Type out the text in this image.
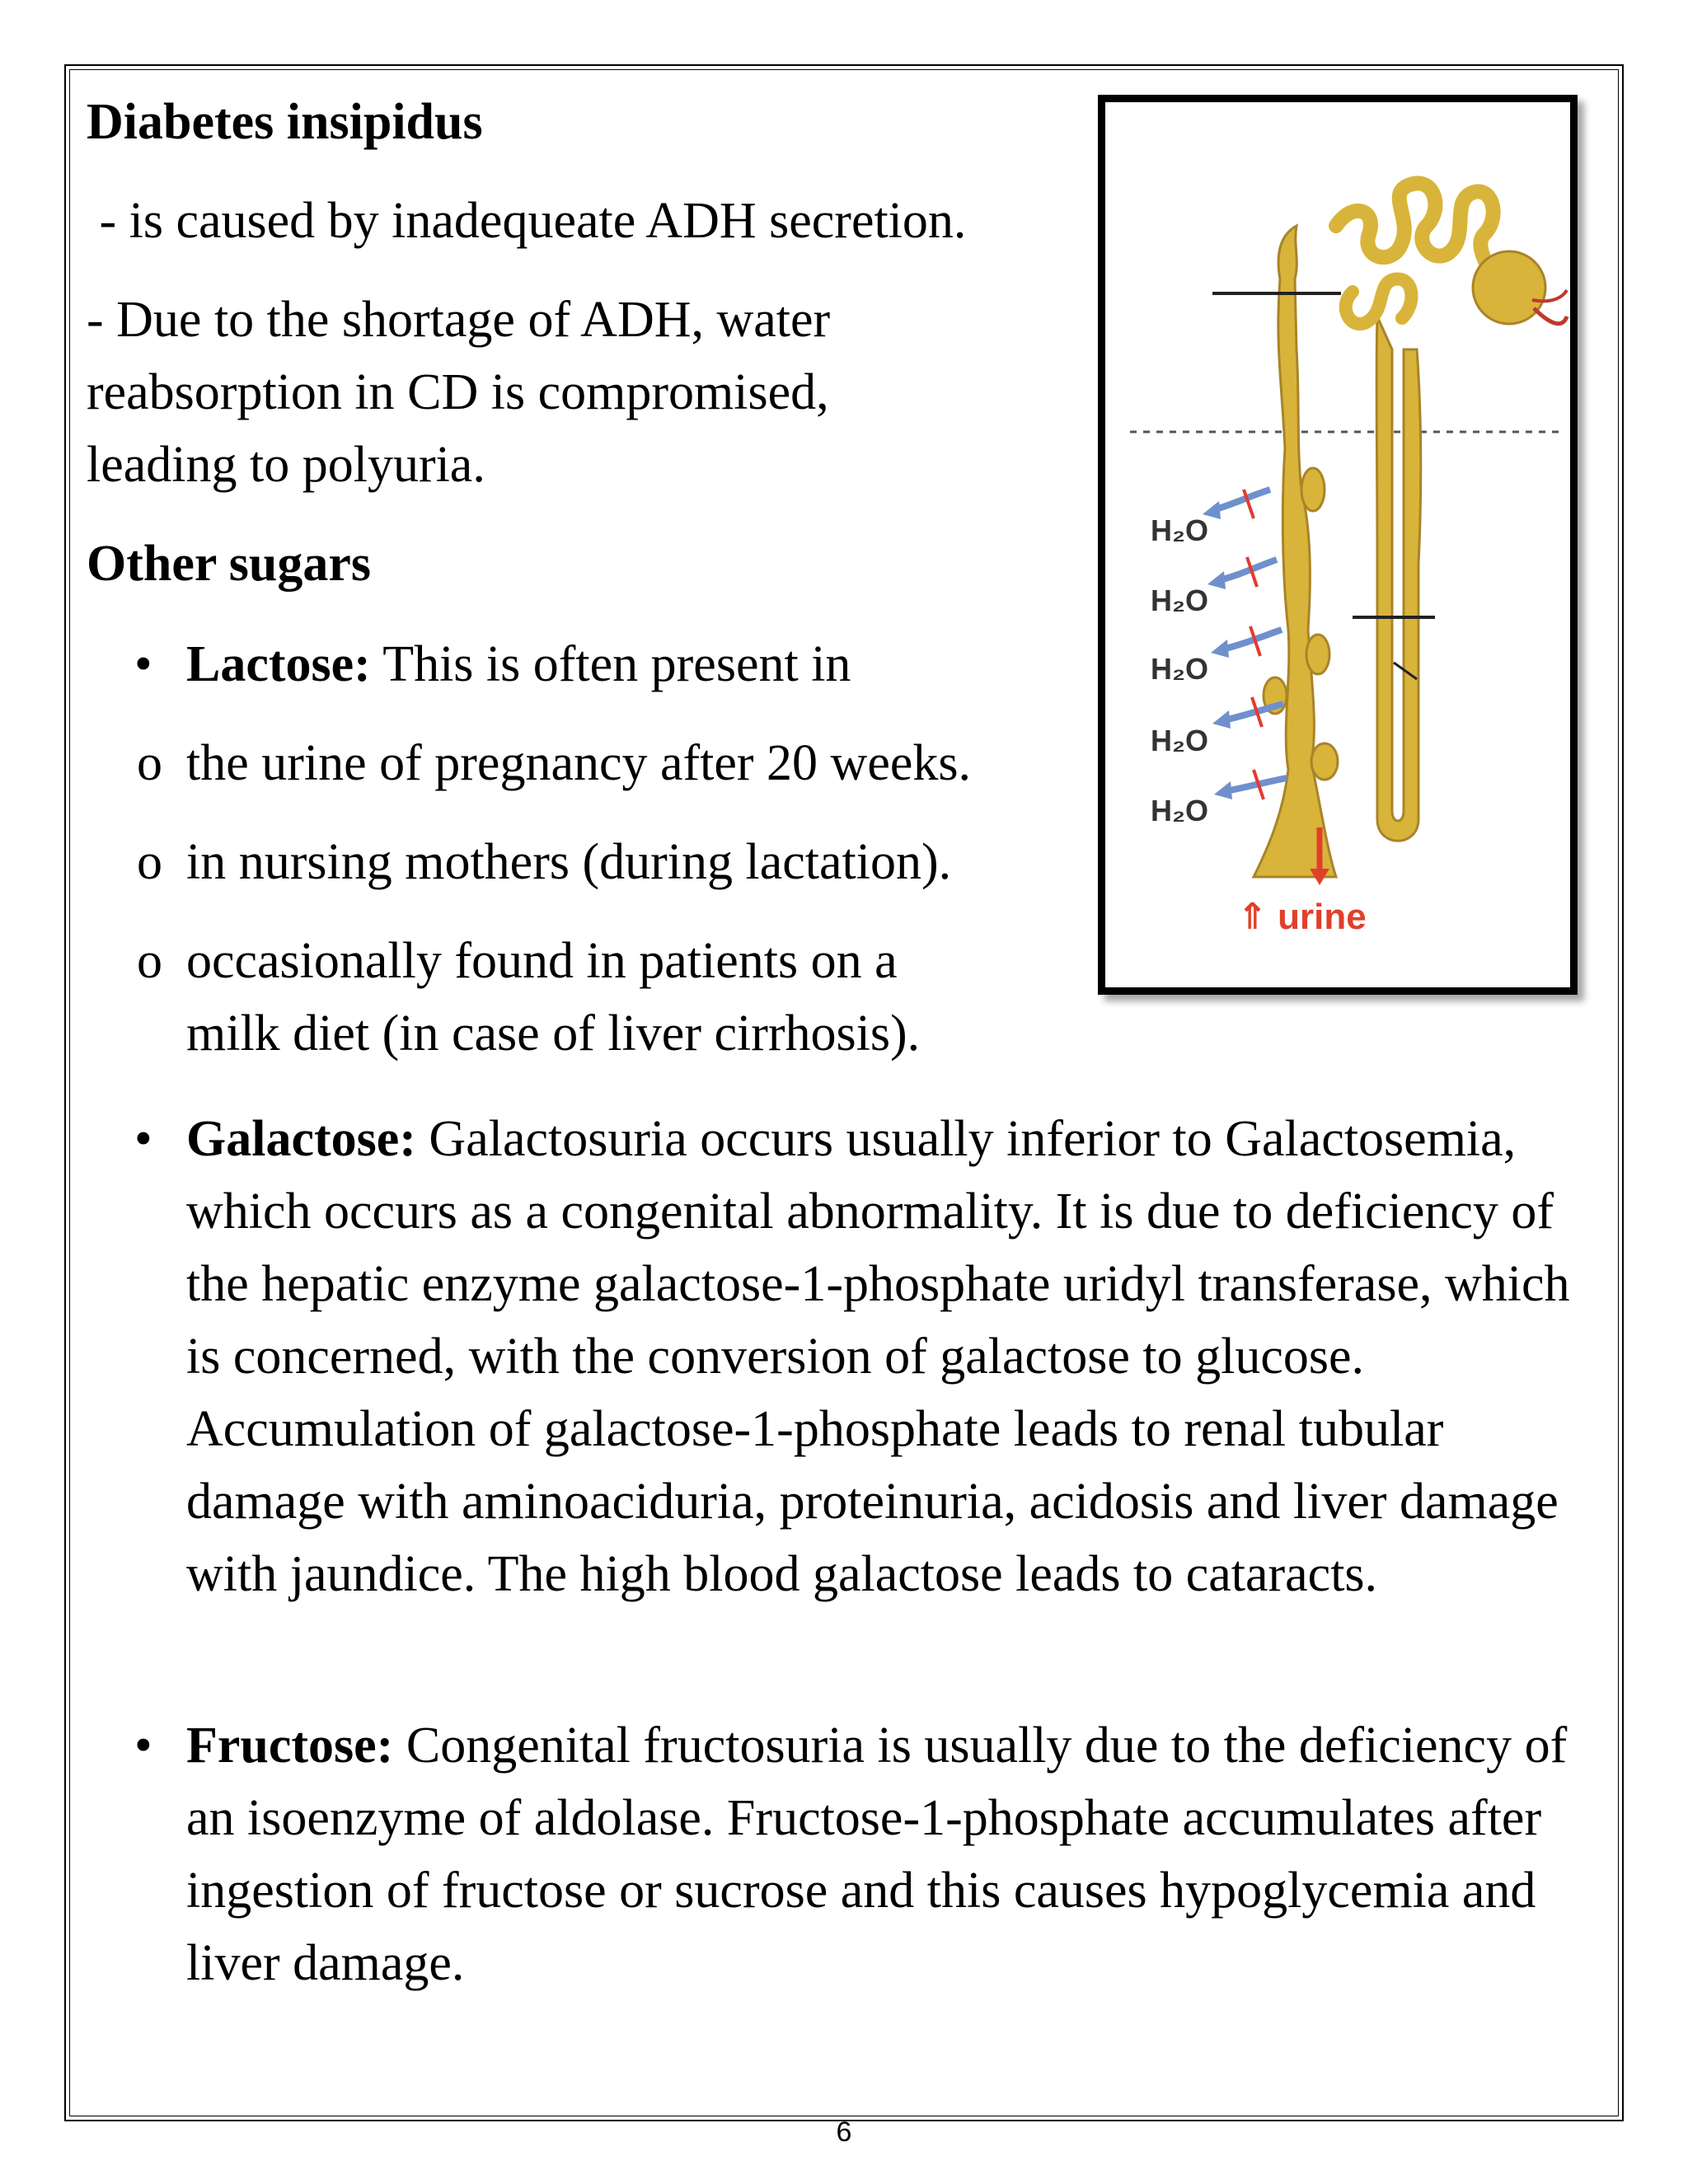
Diabetes insipidus
- is caused by inadequeate ADH secretion.
- Due to the shortage of ADH, water
reabsorption in CD is compromised,
leading to polyuria.
Other sugars
• Lactose: This is often present in
o the urine of pregnancy after 20 weeks.
o in nursing mothers (during lactation).
o occasionally found in patients on a
milk diet (in case of liver cirrhosis).
• Galactose: Galactosuria occurs usually inferior to Galactosemia, which occurs as a congenital abnormality. It is due to deficiency of the hepatic enzyme galactose-1-phosphate uridyl transferase, which is concerned, with the conversion of galactose to glucose. Accumulation of galactose-1-phosphate leads to renal tubular damage with aminoaciduria, proteinuria, acidosis and liver damage with jaundice. The high blood galactose leads to cataracts.
• Fructose: Congenital fructosuria is usually due to the deficiency of an isoenzyme of aldolase. Fructose-1-phosphate accumulates after ingestion of fructose or sucrose and this causes hypoglycemia and liver damage.
H₂O
H₂O
H₂O
H₂O
H₂O
⇑ urine
6
